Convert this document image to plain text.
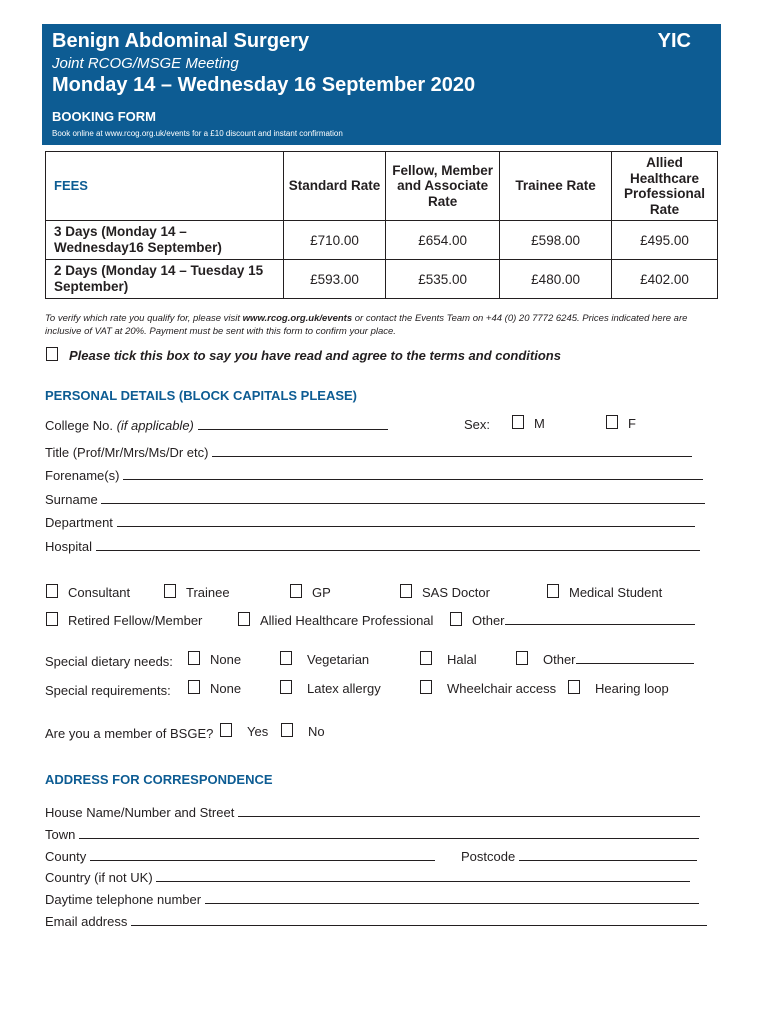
Benign Abdominal Surgery	YIC
Joint RCOG/MSGE Meeting
Monday 14 – Wednesday 16 September 2020
BOOKING FORM
Book online at www.rcog.org.uk/events for a £10 discount and instant confirmation
FEES	Standard Rate	Fellow, Member and Associate Rate	Trainee Rate	Allied Healthcare Professional Rate
3 Days (Monday 14 – Wednesday16 September)	£710.00	£654.00	£598.00	£495.00
2 Days (Monday 14 – Tuesday 15 September)	£593.00	£535.00	£480.00	£402.00
To verify which rate you qualify for, please visit www.rcog.org.uk/events or contact the Events Team on +44 (0) 20 7772 6245. Prices indicated here are inclusive of VAT at 20%. Payment must be sent with this form to confirm your place.
Please tick this box to say you have read and agree to the terms and conditions
PERSONAL DETAILS (BLOCK CAPITALS PLEASE)
College No. (if applicable)	Sex:	M	F
Title (Prof/Mr/Mrs/Ms/Dr etc)
Forename(s)
Surname
Department
Hospital
Consultant	Trainee	GP	SAS Doctor	Medical Student
Retired Fellow/Member	Allied Healthcare Professional	Other
Special dietary needs:	None	Vegetarian	Halal	Other
Special requirements:	None	Latex allergy	Wheelchair access	Hearing loop
Are you a member of BSGE?	Yes	No
ADDRESS FOR CORRESPONDENCE
House Name/Number and Street
Town
County	Postcode
Country (if not UK)
Daytime telephone number
Email address
